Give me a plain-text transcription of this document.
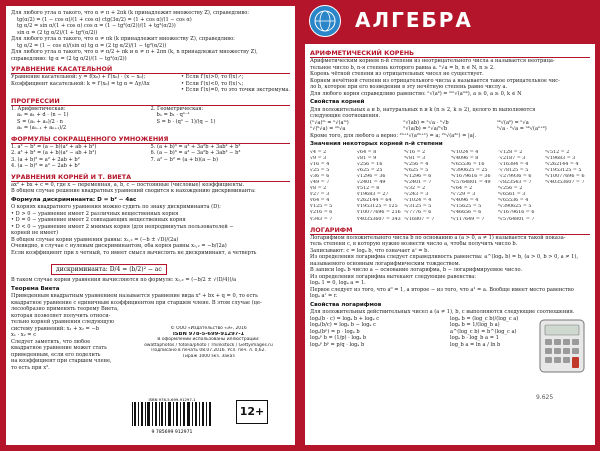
Для любого угла α такого, что α ≠ π + 2πk (k принадлежит множеству Z), справедливо:
tg(α/2) = (1 − cos α)/(1 + cos α) ctg(3α/2) = (1 + cos α)/(1 − cos α)
tg α/2 = sin α/(1 + cos α) cos α = (1 − tg²(α/2))/(1 + tg²(α/2))
sin α = (2 tg α/2)/(1 + tg²(α/2))
Для любого угла α такого, что α ≠ πk (k принадлежит множеству Z), справедливо:
tg α/2 = (1 − cos α)/(sin α) tg α = (2 tg α/2)/(1 − tg²(α/2))
Для любого угла α такого, что α ≠ π/2 + πk и α ≠ π + 2πn (k, n принадлежат множеству Z),
справедливо: tg α = (2 tg α/2)/(1 − tg²(α/2))
УРАВНЕНИЕ КАСАТЕЛЬНОЙ
Уравнение касательной: y = f(x₀) + f′(x₀) · (x − x₀);
Коэффициент касательной: k = f′(x₀) = tg α = Δy/Δx
• Если f′(x)>0, то f(x)↗;
• Если f′(x)<0, то f(x)↘;
• Если f′(x)=0, то это точки экстремума.
ПРОГРЕССИИ
1. Арифметическая:
aₙ = a₁ + d · (n − 1)
S = (a₁ + aₙ)/2 · n
aₙ = (aₙ₋₁ + aₙ₊₁)/2
2. Геометрическая:
bₙ = b₁ · qⁿ⁻¹
S = b · (qⁿ − 1)/(q − 1)
ФОРМУЛЫ СОКРАЩЕННОГО УМНОЖЕНИЯ
1. a² − b² = (a − b)(a² + ab + b²)
2. a³ + b³ = (a + b)(a² − ab + b²)
3. (a + b)² = a² + 2ab + b²
4. (a − b)² = a² − 2ab + b²
5. (a + b)³ = a³ + 3a²b + 3ab² + b³
6. (a − b)³ = a³ − 3a²b + 3ab² − b³
7. a² − b² = (a + b)(a − b)
УРАВНЕНИЯ КОРНЕЙ И Т. ВИЕТА
ax² + bx + c = 0, где x − переменная, a, b, c − постоянные (числовые) коэффициенты.
В общем случае решение квадратных уравнений сводится к нахождению дискриминанта:
Формула дискриминанта: D = b² − 4ac
О корнях квадратного уравнения можно судить по знаку дискриминанта (D):
• D > 0 − уравнение имеет 2 различных вещественных корня
• D = 0 − уравнение имеет 2 совпадающих вещественных корня
• D < 0 − уравнение имеет 2 мнимых корня (для непродвинутых пользователей −
корней не имеет)
В общем случае корни уравнения равны: x₁,₂ = (−b ± √D)/(2a)
Очевидно, в случае с нулевым дискриминантом, оба корня равны x₁,₂ = −b/(2a)
Если коэффициент при x четный, то имеет смысл вычислять не дискриминант, а четверть
дискриминанта: D/4 = (b/2)² − ac
В таком случае корни уравнения вычисляются по формуле: x₁,₂ = (−b/2 ± √(D/4))/a
Теорема Виета
Приведенным квадратным уравнением называется уравнение вида x² + bx + q = 0, то есть
квадратное уравнение с единичным коэффициентом при старшем члене. В этом случае (це-
лесообразно применять теорему Виета,
которая позволяет получить относи-
тельно корней уравнения следующую
систему уравнений: x₁ + x₂ = −b
x₁ · x₂ = c
Следует заметить, что любое
квадратное уравнение может стать
приведенным, если его поделить
на коэффициент при старшем члене,
то есть при x².
© ООО «Издательство «Э», 2016
ISBN 978-5-699-91297-1
В оформлении использованы иллюстрации:
owattaphotos / fotolia/photo / Thinkstock / Gettyimages.ru
Подписано в печать 08.07.2016. Усл. печ. л. 0,62.
Тираж 1000 экз. Заказ
ISBN 978-5-699-91297-1
9 785699 912971
12+
АЛГЕБРА
АРИФМЕТИЧЕСКИЙ КОРЕНЬ
Арифметическим корнем n-й степени из неотрицательного числа a называется неотрица-
тельное число b, n-я степень которого равна a. ⁿ√a = b, n ∈ N, n ≥ 2.
Корень чётной степени из отрицательных чисел не существует.
Корнем нечётной степени из отрицательного числа a называется такое отрицательное чис-
ло b, которое при его возведении в эту нечётную степень равно числу a.
Для любого корня справедливо равенство: ⁿ√(aᵏ) = ᵐⁿ√(aᵐᵏ), a ≥ 0, a ≥ 0, k ∈ N
Свойства корней
Для положительных a и b, натуральных n и k (n ≥ 2, k ≥ 2), целого m выполняются
следующие соотношения.
(ⁿ√a)ᵐ = ⁿ√(aᵐ)
ⁿ√(ᵏ√a) = ⁿᵏ√a
ⁿ√(ab) = ⁿ√a · ⁿ√b
ⁿ√(a/b) = ⁿ√a/ⁿ√b
ⁿᵏ√(aᵏ) = ⁿ√a
ⁿ√a · ᵏ√a = ⁿᵏ√(aⁿ⁺ᵏ)
Кроме того, для любого a верно: ²ⁿ⁺¹√(a²ⁿ⁺¹) = a; ²ⁿ√(a²ⁿ) = |a|.
Значения некоторых корней n-й степени
√4 = 2
√9 = 3
√16 = 4
√25 = 5
√36 = 6
√49 = 7
∛8 = 2
∛27 = 3
∛64 = 4
∛125 = 5
∛216 = 6
∛343 = 7
√64 = 8
√81 = 9
√256 = 16
√625 = 25
√1296 = 36
√2401 = 49
∛512 = 8
∛19683 = 27
∛262144 = 64
∛1953125 = 125
∛10077696 = 216
∛40353607 = 343
⁴√16 = 2
⁴√81 = 3
⁴√256 = 4
⁴√625 = 5
⁴√1296 = 6
⁴√2401 = 7
⁵√32 = 2
⁵√243 = 3
⁵√1024 = 4
⁵√3125 = 5
⁵√7776 = 6
⁵√16807 = 7
⁴√1024 = 4
⁴√4096 = 8
⁴√65536 = 16
⁴√390625 = 25
⁴√1679616 = 36
⁴√5764801 = 49
⁶√64 = 2
⁶√729 = 3
⁶√4096 = 4
⁶√15625 = 5
⁶√46656 = 6
⁶√117649 = 7
⁷√128 = 2
⁷√2187 = 3
⁷√16384 = 4
⁷√78125 = 5
⁷√279936 = 6
⁷√823543 = 7
⁸√256 = 2
⁸√6561 = 3
⁸√65536 = 4
⁸√390625 = 5
⁸√1679616 = 6
⁸√5764801 = 7
⁹√512 = 2
⁹√19683 = 3
⁹√262144 = 4
⁹√1953125 = 5
⁹√10077696 = 6
⁹√40353607 = 7
ЛОГАРИФМ
Логарифмом положительного числа b по основанию a (a > 0, a ≠ 1) называется такой показа-
тель степени c, в которую нужно возвести число a, чтобы получить число b.
Записывают: c = logₐ b, что означает aᶜ = b.
Из определения логарифма следует справедливость равенства: a^(logₐ b) = b, (a > 0, b > 0, a ≠ 1),
называемого основным логарифмическим тождеством.
В записи logₐ b число a − основание логарифма, b − логарифмируемое число.
Из определения логарифма вытекают следующие равенства:
logₐ 1 = 0, logₐ a = 1.
Первое следует из того, что a⁰ = 1, а второе − из того, что a¹ = a. Вообще имеет место равенство
logₐ aʳ = r.
Свойства логарифмов
Для положительных действительных чисел a (a ≠ 1), b, c выполняются следующие соотношения.
logₐ(b · c) = logₐ b + logₐ c
logₐ(b/c) = logₐ b − logₐ c
logₐ(bᵖ) = p · logₐ b
logₐᵖ b = (1/p) · logₐ b
logₐᵖ bᵖ = p/q · logₐ b
logₐ b = (log_c b)/(log_c a)
logₐ b = 1/(log_b a)
a^(log_c b) = b^(log_c a)
logₐ b · log_b a = 1
log_b a = ln a / ln b
9.625
